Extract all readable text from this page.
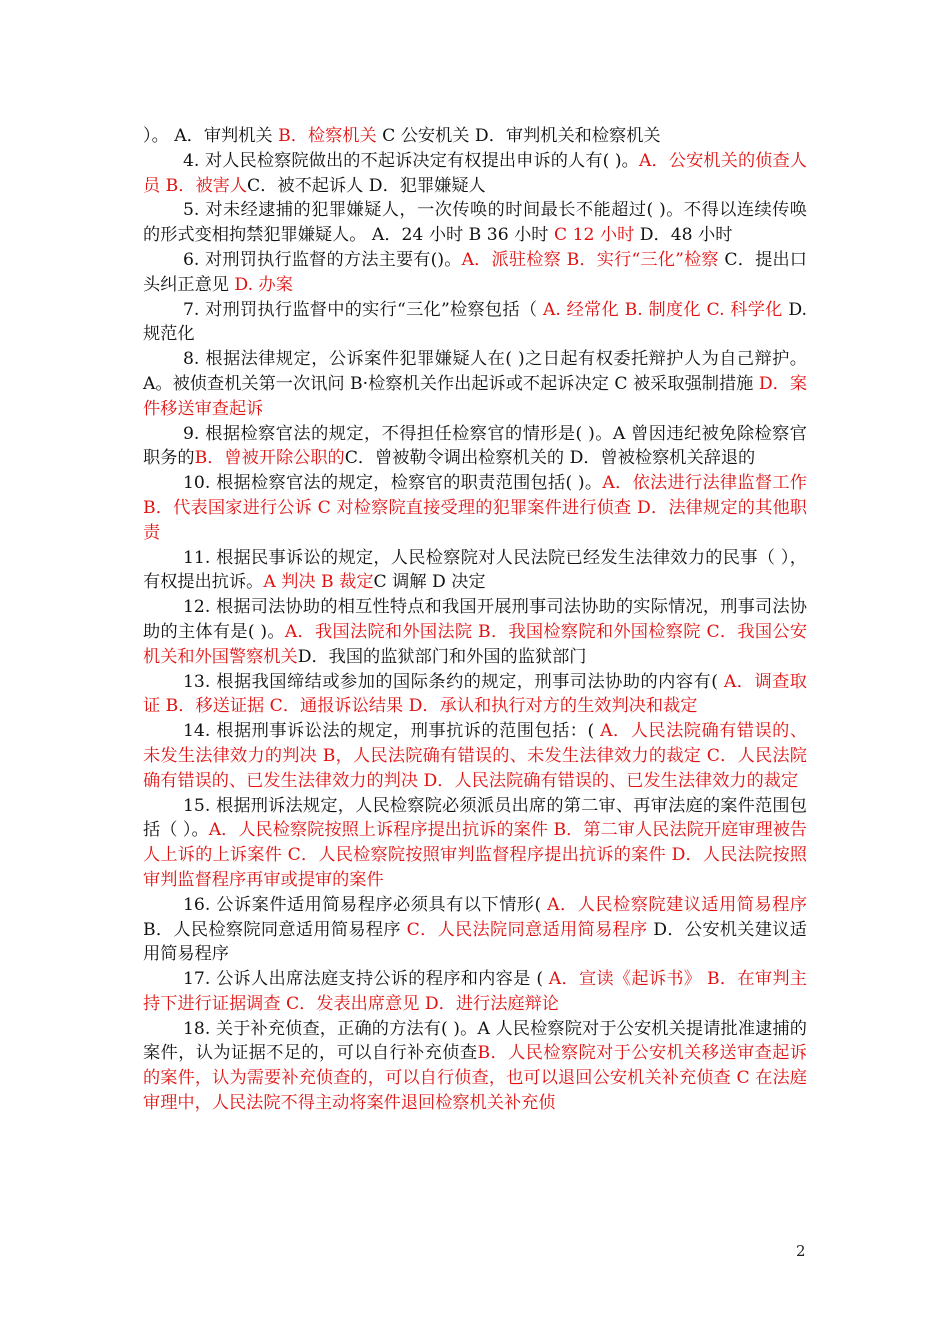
）。 A．审判机关 B．检察机关 C 公安机关 D．审判机关和检察机关
4. 对人民检察院做出的不起诉决定有权提出申诉的人有( )。A．公安机关的侦查人员 B．被害人C．被不起诉人 D．犯罪嫌疑人
5. 对未经逮捕的犯罪嫌疑人，一次传唤的时间最长不能超过( )。不得以连续传唤的形式变相拘禁犯罪嫌疑人。 A．24 小时 B 36 小时 C 12 小时 D．48 小时
6. 对刑罚执行监督的方法主要有()。A．派驻检察 B．实行“三化”检察 C．提出口头纠正意见 D. 办案
7. 对刑罚执行监督中的实行“三化”检察包括（ A. 经常化 B. 制度化 C. 科学化 D. 规范化
8. 根据法律规定，公诉案件犯罪嫌疑人在( )之日起有权委托辩护人为自己辩护。 A。被侦查机关第一次讯问 B·检察机关作出起诉或不起诉决定 C 被采取强制措施 D．案件移送审查起诉
9. 根据检察官法的规定，不得担任检察官的情形是( )。A 曾因违纪被免除检察官职务的B．曾被开除公职的C．曾被勒令调出检察机关的 D．曾被检察机关辞退的
10. 根据检察官法的规定，检察官的职责范围包括( )。A．依法进行法律监督工作 B．代表国家进行公诉 C 对检察院直接受理的犯罪案件进行侦查 D．法律规定的其他职责
11. 根据民事诉讼的规定，人民检察院对人民法院已经发生法律效力的民事（ ），有权提出抗诉。A 判决 B 裁定C 调解 D 决定
12. 根据司法协助的相互性特点和我国开展刑事司法协助的实际情况，刑事司法协助的主体有是( )。A．我国法院和外国法院 B．我国检察院和外国检察院 C．我国公安机关和外国警察机关D．我国的监狱部门和外国的监狱部门
13. 根据我国缔结或参加的国际条约的规定，刑事司法协助的内容有( A．调查取证 B．移送证据 C．通报诉讼结果 D．承认和执行对方的生效判决和裁定
14. 根据刑事诉讼法的规定，刑事抗诉的范围包括：( A．人民法院确有错误的、未发生法律效力的判决 B，人民法院确有错误的、未发生法律效力的裁定 C．人民法院确有错误的、已发生法律效力的判决 D．人民法院确有错误的、已发生法律效力的裁定
15. 根据刑诉法规定，人民检察院必须派员出席的第二审、再审法庭的案件范围包括（ ）。A．人民检察院按照上诉程序提出抗诉的案件 B．第二审人民法院开庭审理被告人上诉的上诉案件 C．人民检察院按照审判监督程序提出抗诉的案件 D．人民法院按照审判监督程序再审或提审的案件
16. 公诉案件适用简易程序必须具有以下情形( A．人民检察院建议适用简易程序 B．人民检察院同意适用简易程序 C．人民法院同意适用简易程序 D．公安机关建议适用简易程序
17. 公诉人出席法庭支持公诉的程序和内容是 ( A．宣读《起诉书》 B．在审判主持下进行证据调查 C．发表出席意见 D．进行法庭辩论
18. 关于补充侦查，正确的方法有( )。A 人民检察院对于公安机关提请批准逮捕的案件，认为证据不足的，可以自行补充侦查B．人民检察院对于公安机关移送审查起诉的案件，认为需要补充侦查的，可以自行侦查，也可以退回公安机关补充侦查 C 在法庭审理中，人民法院不得主动将案件退回检察机关补充侦
2
